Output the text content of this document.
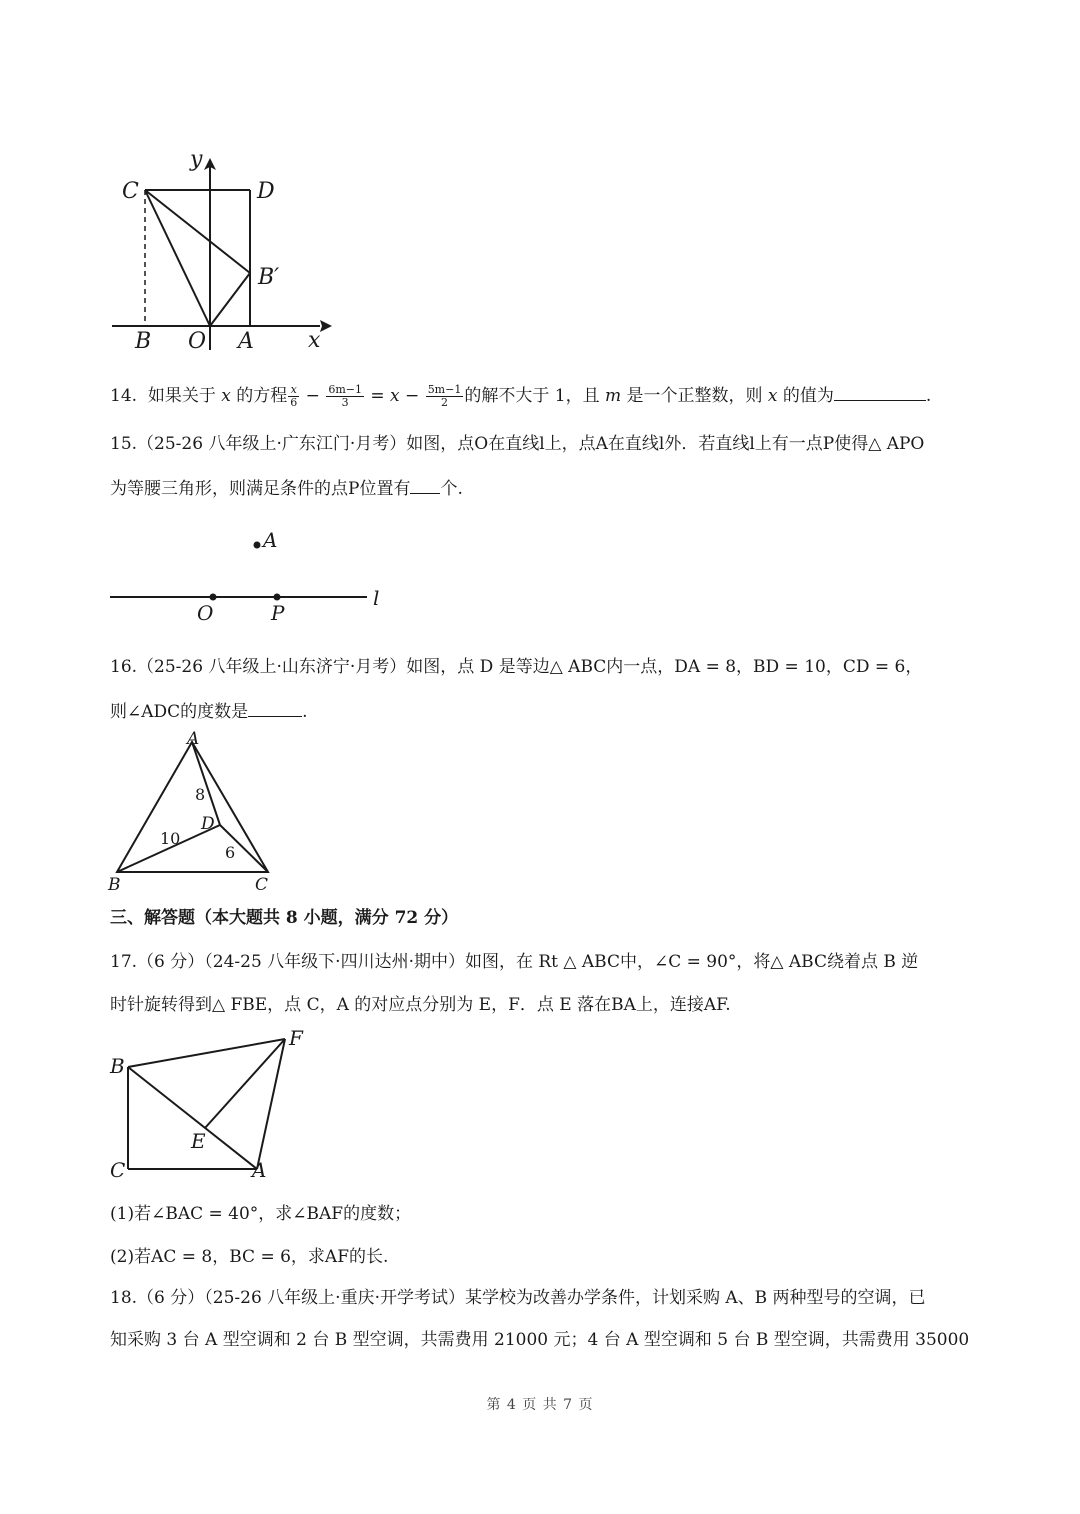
y
x
C	D
B′
B O A
14. 如果关于 x 的方程 $\frac{x}{6} - \frac{6m-1}{3} = x - \frac{5m-1}{2}$ 的解不大于 1，且 m 是一个正整数，则 x 的值为	.
15.（25-26 八年级上·广东江门·月考）如图，点O在直线l上，点A在直线l外．若直线l上有一点P使得△ APO
为等腰三角形，则满足条件的点P位置有 个.
A
O	P
l
16.（25-26 八年级上·山东济宁·月考）如图，点 D 是等边△ ABC内一点，DA = 8，BD = 10，CD = 6，
则∠ADC的度数是	.
A
B	C
D
8
10
6
三、解答题（本大题共 8 小题，满分 72 分）
17.（6 分）（24-25 八年级下·四川达州·期中）如图，在 Rt △ ABC中，∠C = 90°，将△ ABC绕着点 B 逆
时针旋转得到△ FBE，点 C，A 的对应点分别为 E，F．点 E 落在BA上，连接AF.
B
F
E
C	A
(1)若∠BAC = 40°，求∠BAF的度数；
(2)若AC = 8，BC = 6，求AF的长.
18.（6 分）（25-26 八年级上·重庆·开学考试）某学校为改善办学条件，计划采购 A、B 两种型号的空调，已
知采购 3 台 A 型空调和 2 台 B 型空调，共需费用 21000 元；4 台 A 型空调和 5 台 B 型空调，共需费用 35000
第 4 页 共 7 页
